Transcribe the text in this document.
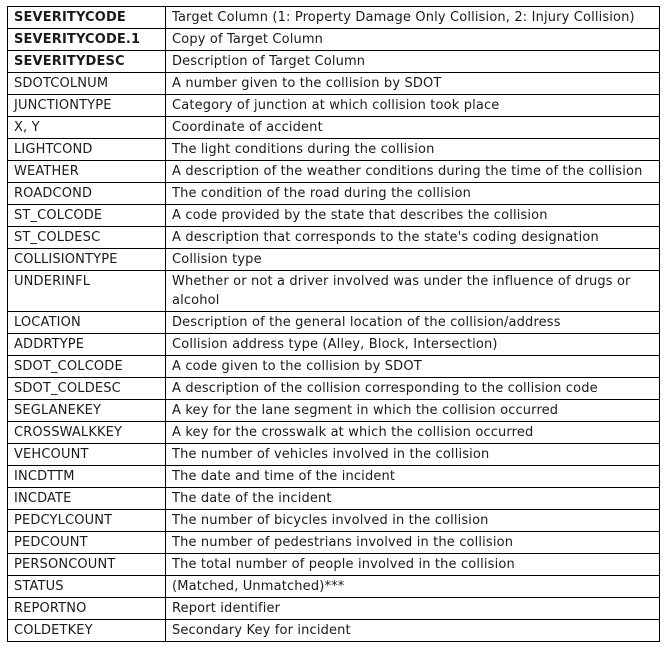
SEVERITYCODE	Target Column (1: Property Damage Only Collision, 2: Injury Collision)
SEVERITYCODE.1	Copy of Target Column
SEVERITYDESC	Description of Target Column
SDOTCOLNUM	A number given to the collision by SDOT
JUNCTIONTYPE	Category of junction at which collision took place
X, Y	Coordinate of accident
LIGHTCOND	The light conditions during the collision
WEATHER	A description of the weather conditions during the time of the collision
ROADCOND	The condition of the road during the collision
ST_COLCODE	A code provided by the state that describes the collision
ST_COLDESC	A description that corresponds to the state's coding designation
COLLISIONTYPE	Collision type
UNDERINFL	Whether or not a driver involved was under the influence of drugs or alcohol
LOCATION	Description of the general location of the collision/address
ADDRTYPE	Collision address type (Alley, Block, Intersection)
SDOT_COLCODE	A code given to the collision by SDOT
SDOT_COLDESC	A description of the collision corresponding to the collision code
SEGLANEKEY	A key for the lane segment in which the collision occurred
CROSSWALKKEY	A key for the crosswalk at which the collision occurred
VEHCOUNT	The number of vehicles involved in the collision
INCDTTM	The date and time of the incident
INCDATE	The date of the incident
PEDCYLCOUNT	The number of bicycles involved in the collision
PEDCOUNT	The number of pedestrians involved in the collision
PERSONCOUNT	The total number of people involved in the collision
STATUS	(Matched, Unmatched)***
REPORTNO	Report identifier
COLDETKEY	Secondary Key for incident
